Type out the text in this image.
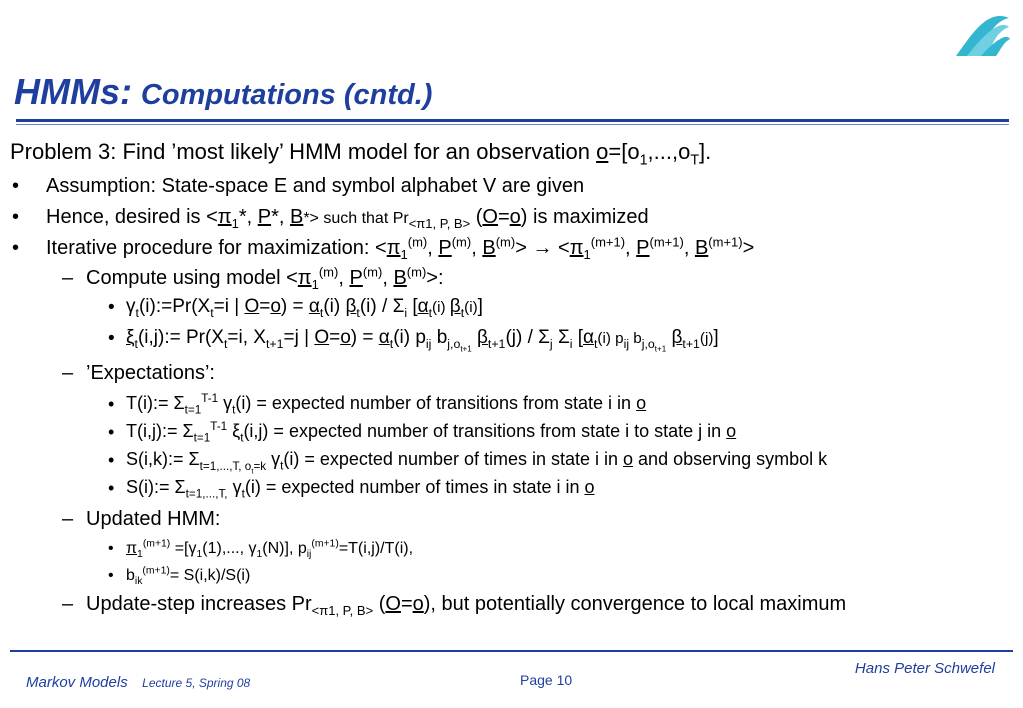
HMMs: Computations (cntd.)
Problem 3: Find ’most likely’ HMM model for an observation $o=[o_1,...,o_T]$.
•
Assumption: State-space E and symbol alphabet V are given
•
Hence, desired is $<\pi_1*$, P*, B*> such that $Pr_{<\pi 1, P, B>}$ (O=o) is maximized
•
Iterative procedure for maximization: $<\pi_1^{(m)}$, $P^{(m)}$, $B^{(m)}> \to <\pi_1^{(m+1)}$, $P^{(m+1)}$, $B^{(m+1)}>$
–
Compute using model $<\pi_1^{(m)}$, $P^{(m)}$, $B^{(m)}>$:
•
$\gamma_t(i):=Pr(X_t=i$ | $O=o) = \alpha_t(i)$ $\beta_t(i) / \Sigma_i$ [$\alpha_t(i)$ $\beta_t(i)$]
•
$\xi_t(i,j):= Pr(X_t=i$, $X_{t+1}=j$ | $O=o) = \alpha_t(i)$ $p_{ij}$ $b_{j,o_{t+1}}$ $\beta_{t+1}(j) / \Sigma_j$ $\Sigma_i$ [$\alpha_t(i)$ $p_{ij}$ $b_{j,o_{t+1}}$ $\beta_{t+1}(j)$]
–
’Expectations’:
•
T(i):= $\Sigma_{t=1}^{T-1}$ $\gamma_t(i)$ = expected number of transitions from state i in o
•
T(i,j):= $\Sigma_{t=1}^{T-1}$ $\xi_t(i,j)$ = expected number of transitions from state i to state j in o
•
S(i,k):= $\Sigma_{t=1,...,T, o_t=k}$ $\gamma_t(i)$ = expected number of times in state i in o and observing symbol k
•
S(i):= $\Sigma_{t=1,...,T,}$ $\gamma_t(i)$ = expected number of times in state i in o
–
Updated HMM:
•
$\pi_1^{(m+1)} =[\gamma_1(1)$,..., $\gamma_1(N)$], $p_{ij}^{(m+1)}=T(i,j)/T(i)$,
•
$b_{ik}^{(m+1)}= S(i,k)/S(i)$
–
Update-step increases $Pr_{<\pi 1, P, B>}$ (O=o), but potentially convergence to local maximum
Markov Models Lecture 5, Spring 08	Page 10
Hans Peter Schwefel
